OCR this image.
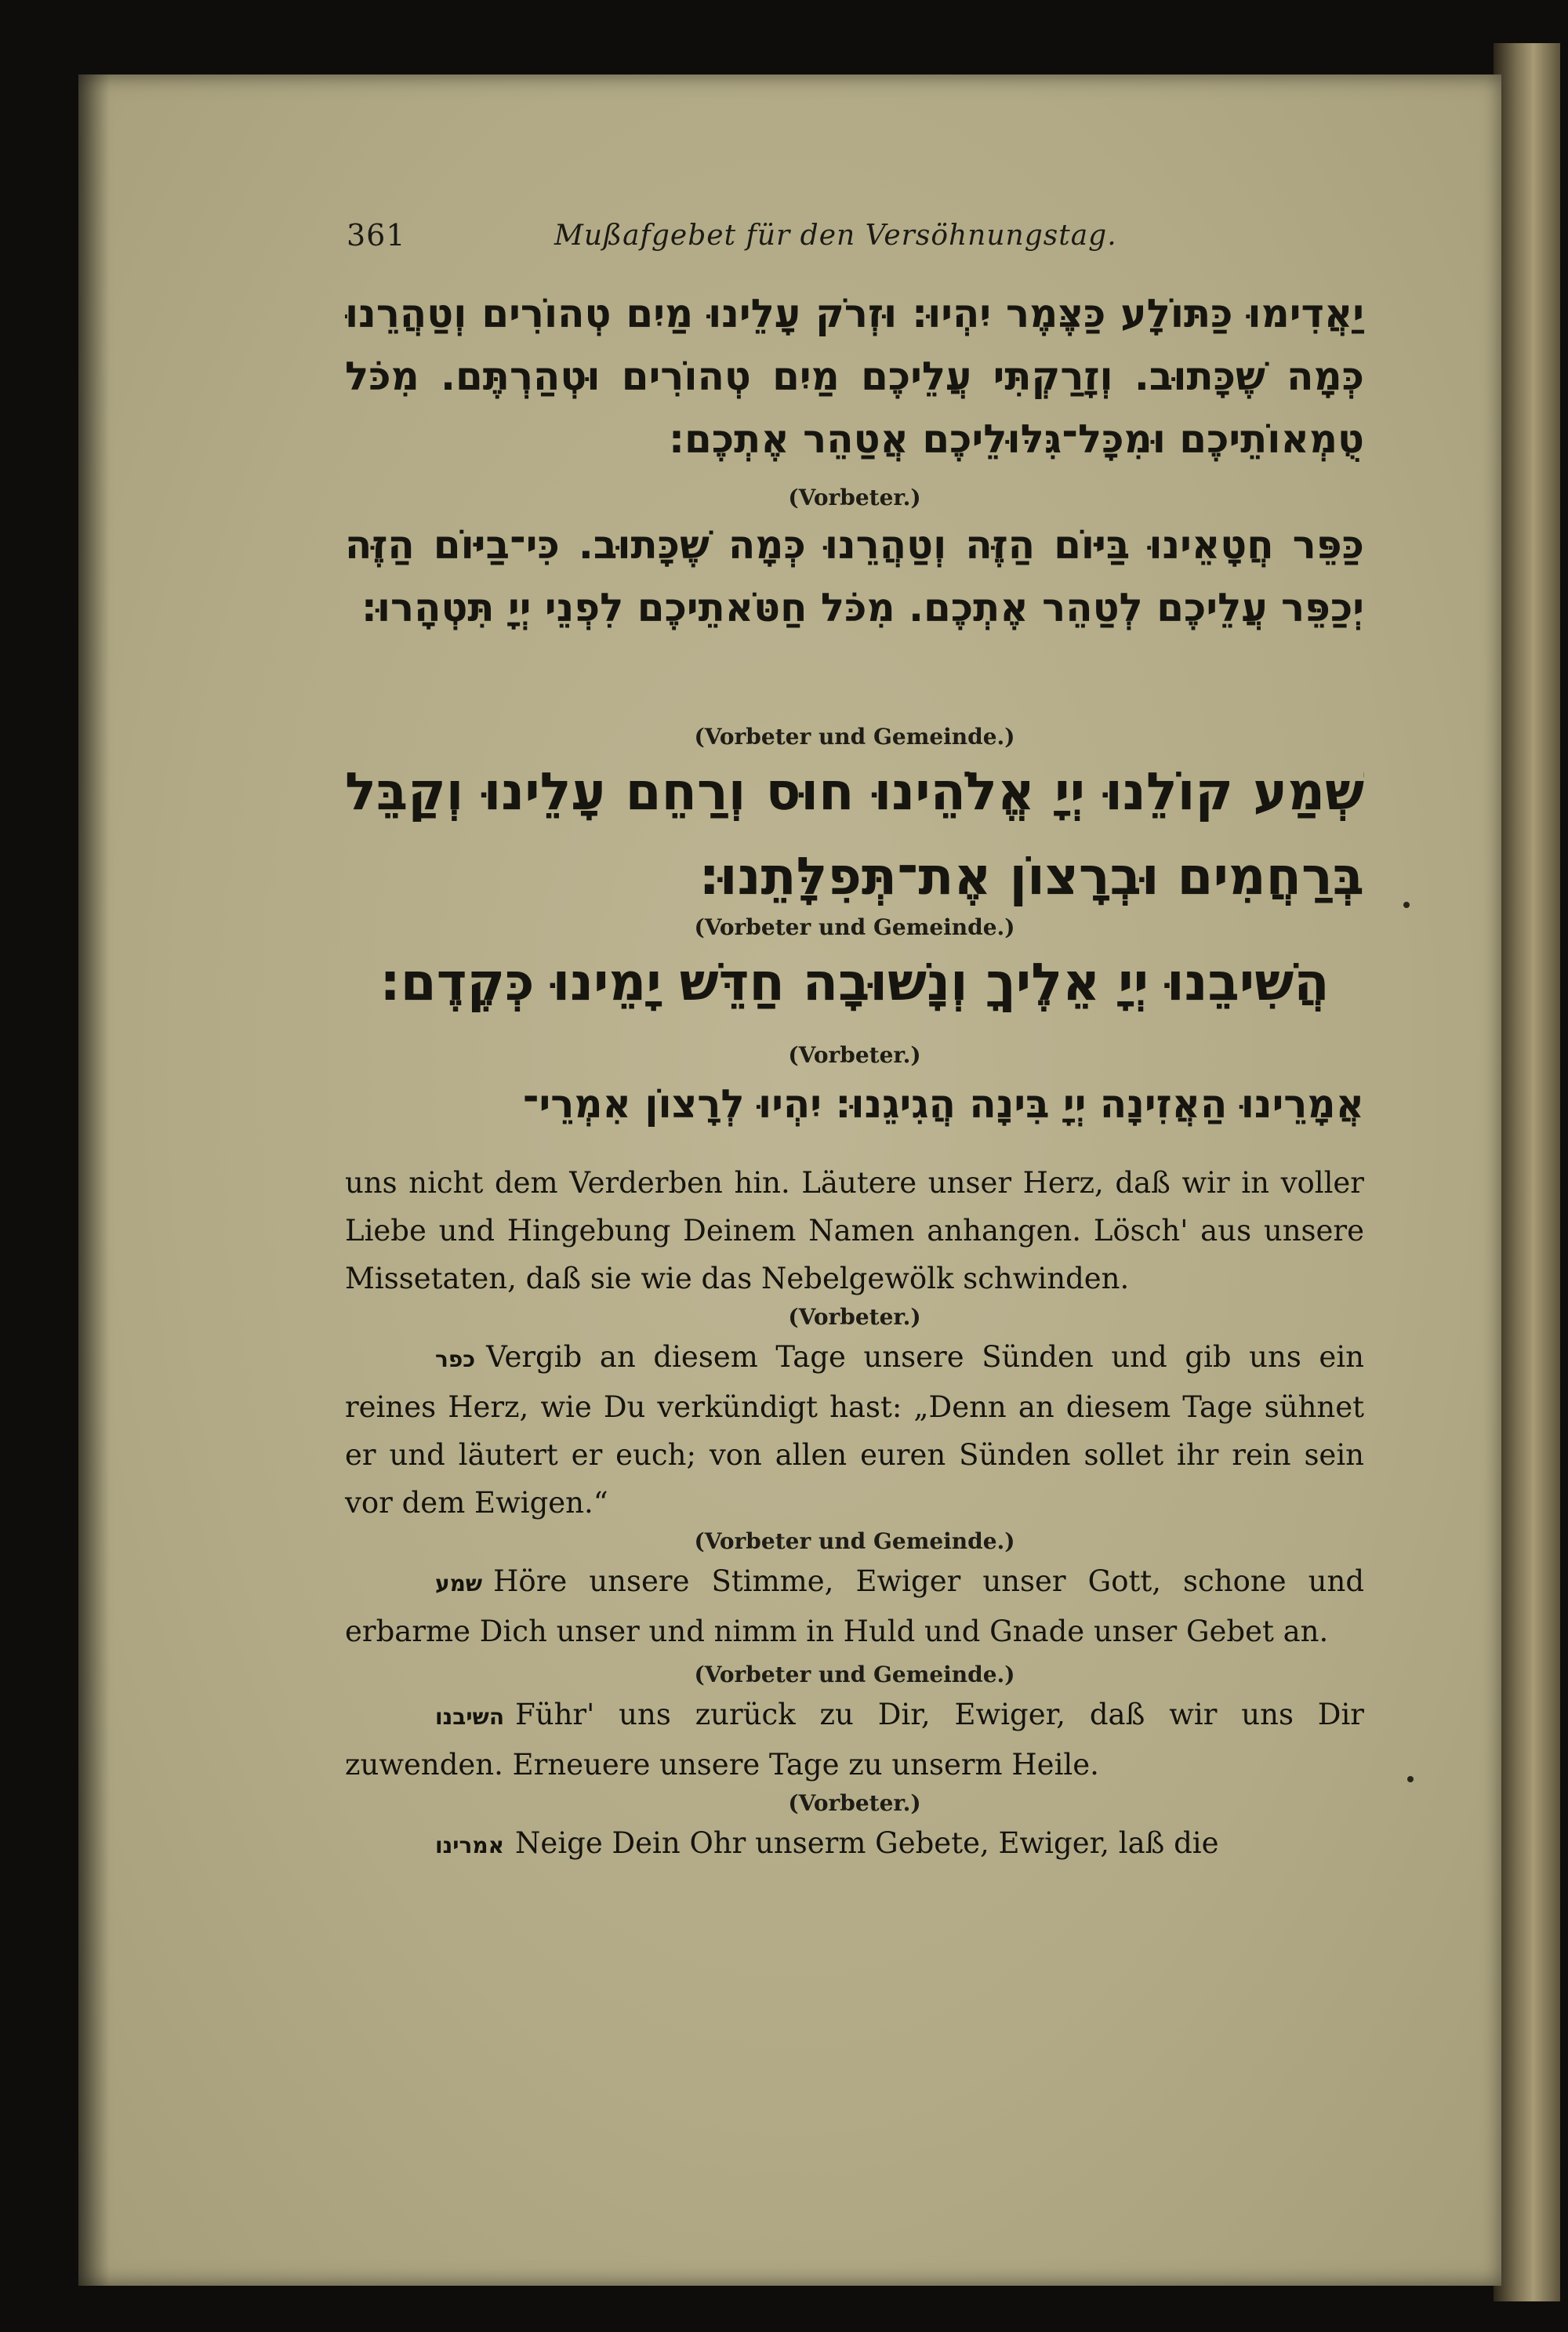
361	Mußafgebet für den Versöhnungstag.

יַאֲדִימוּ כַּתּוֹלָע כַּצֶּמֶר יִהְיוּ: וּזְרֹק עָלֵינוּ מַיִם טְהוֹרִים וְטַהֲרֵנוּ כְּמָה שֶׁכָּתוּב. וְזָרַקְתִּי עֲלֵיכֶם מַיִם טְהוֹרִים וּטְהַרְתֶּם. מִכֹּל טֻמְאוֹתֵיכֶם וּמִכָּל־גִּלּוּלֵיכֶם אֲטַהֵר אֶתְכֶם:

(Vorbeter.)

כַּפֵּר חֲטָאֵינוּ בַּיּוֹם הַזֶּה וְטַהֲרֵנוּ כְּמָה שֶׁכָּתוּב. כִּי־בַיּוֹם הַזֶּה יְכַפֵּר עֲלֵיכֶם לְטַהֵר אֶתְכֶם. מִכֹּל חַטֹּאתֵיכֶם לִפְנֵי יְיָ תִּטְהָרוּ:

(Vorbeter und Gemeinde.)

שְׁמַע קוֹלֵנוּ יְיָ אֱלֹהֵינוּ חוּס וְרַחֵם עָלֵינוּ וְקַבֵּל בְּרַחֲמִים וּבְרָצוֹן אֶת־תְּפִלָּתֵנוּ:

(Vorbeter und Gemeinde.)

הֲשִׁיבֵנוּ יְיָ אֵלֶיךָ וְנָשׁוּבָה חַדֵּשׁ יָמֵינוּ כְּקֶדֶם:

(Vorbeter.)

אֲמָרֵינוּ הַאֲזִינָה יְיָ בִּינָה הֲגִיגֵנוּ: יִהְיוּ לְרָצוֹן אִמְרֵי־

uns nicht dem Verderben hin. Läutere unser Herz, daß wir in voller Liebe und Hingebung Deinem Namen anhangen. Lösch' aus unsere Missetaten, daß sie wie das Nebelgewölk schwinden.

(Vorbeter.)

כפר Vergib an diesem Tage unsere Sünden und gib uns ein reines Herz, wie Du verkündigt hast: „Denn an diesem Tage sühnet er und läutert er euch; von allen euren Sünden sollet ihr rein sein vor dem Ewigen.“

(Vorbeter und Gemeinde.)

שמע Höre unsere Stimme, Ewiger unser Gott, schone und erbarme Dich unser und nimm in Huld und Gnade unser Gebet an.

(Vorbeter und Gemeinde.)

השיבנו Führ' uns zurück zu Dir, Ewiger, daß wir uns Dir zuwenden. Erneuere unsere Tage zu unserm Heile.

(Vorbeter.)

אמרינו Neige Dein Ohr unserm Gebete, Ewiger, laß die
